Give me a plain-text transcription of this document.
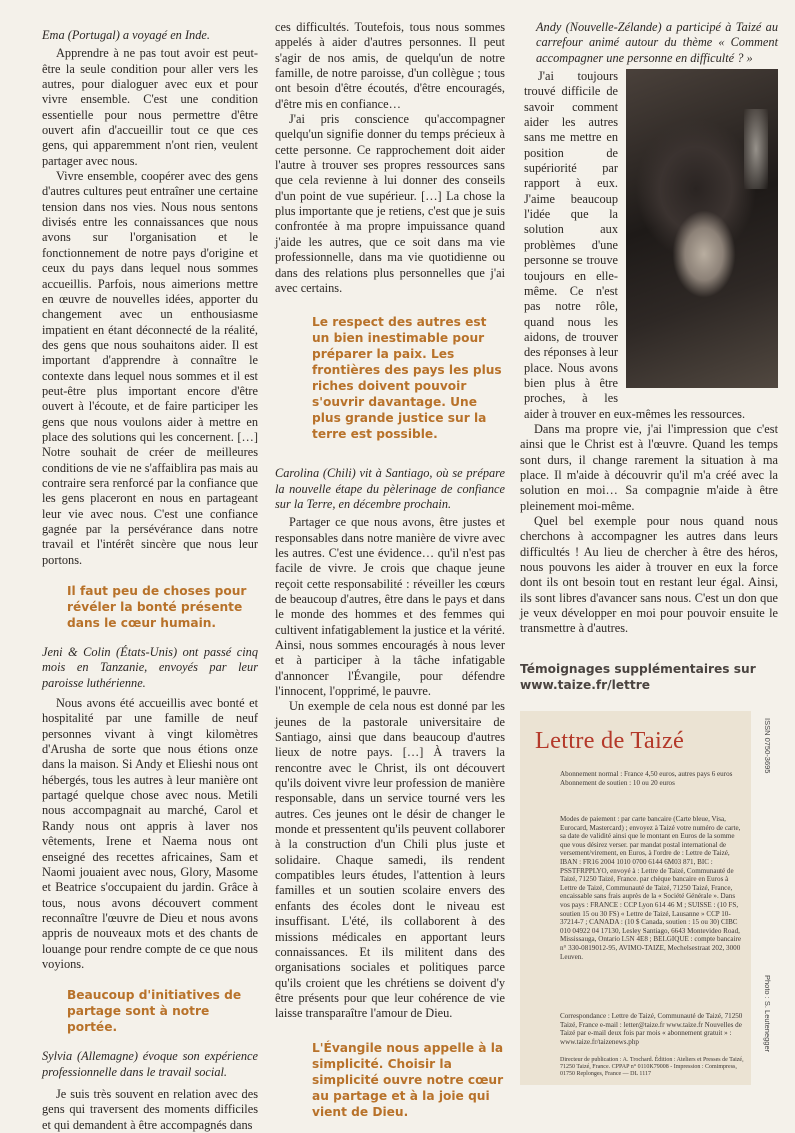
Ema (Portugal) a voyagé en Inde.

Apprendre à ne pas tout avoir est peut-être la seule condition pour aller vers les autres, pour dialoguer avec eux et pour vivre ensemble. C'est une condition essentielle pour nous permettre d'être ouvert afin d'accueillir tout ce que ces gens, qui apparemment n'ont rien, veulent partager avec nous.

Vivre ensemble, coopérer avec des gens d'autres cultures peut entraîner une certaine tension dans nos vies. Nous nous sentons divisés entre les connaissances que nous avons sur l'organisation et le fonctionnement de notre pays d'origine et ceux du pays dans lequel nous sommes accueillis. Parfois, nous aimerions mettre en œuvre de nouvelles idées, apporter du changement avec un enthousiasme impatient en étant déconnecté de la réalité, des gens que nous souhaitons aider. Il est important d'apprendre à connaître le contexte dans lequel nous sommes et il est peut-être plus important encore d'être ouvert à l'écoute, et de faire participer les gens que nous voulons aider à mettre en place des solutions qui les concernent. […] Notre souhait de créer de meilleures conditions de vie ne s'affaiblira pas mais au contraire sera renforcé par la confiance que les gens placeront en nous en partageant leur vie avec nous. C'est une confiance gagnée par la persévérance dans notre travail et l'intérêt sincère que nous leur portons.

Il faut peu de choses pour révéler la bonté présente dans le cœur humain.

Jeni & Colin (États-Unis) ont passé cinq mois en Tanzanie, envoyés par leur paroisse luthérienne.

Nous avons été accueillis avec bonté et hospitalité par une famille de neuf personnes vivant à vingt kilomètres d'Arusha de sorte que nous étions onze dans la maison. Si Andy et Elieshi nous ont hébergés, tous les autres à leur manière ont partagé quelque chose avec nous. Metili nous accompagnait au marché, Carol et Randy nous ont appris à laver nos vêtements, Irene et Naema nous ont enseigné des recettes africaines, Sam et Naomi jouaient avec nous, Glory, Masome et Beatrice s'occupaient du jardin. Grâce à tous, nous avons découvert comment reconnaître l'œuvre de Dieu et nous avons appris de nouveaux mots et des chants de louange pour rendre compte de ce que nous voyions.

Beaucoup d'initiatives de partage sont à notre portée.

Sylvia (Allemagne) évoque son expérience professionnelle dans le travail social.

Je suis très souvent en relation avec des gens qui traversent des moments difficiles et qui demandent à être accompagnés dans

ces difficultés. Toutefois, tous nous sommes appelés à aider d'autres personnes. Il peut s'agir de nos amis, de quelqu'un de notre famille, de notre paroisse, d'un collègue ; tous ont besoin d'être écoutés, d'être encouragés, d'être mis en confiance…

J'ai pris conscience qu'accompagner quelqu'un signifie donner du temps précieux à cette personne. Ce rapprochement doit aider l'autre à trouver ses propres ressources sans que cela revienne à lui donner des conseils d'un point de vue supérieur. […] La chose la plus importante que je retiens, c'est que je suis confrontée à ma propre impuissance quand j'aide les autres, que ce soit dans ma vie professionnelle, dans ma vie quotidienne ou dans des relations plus personnelles que j'ai avec certains.

Le respect des autres est un bien inestimable pour préparer la paix. Les frontières des pays les plus riches doivent pouvoir s'ouvrir davantage. Une plus grande justice sur la terre est possible.

Carolina (Chili) vit à Santiago, où se prépare la nouvelle étape du pèlerinage de confiance sur la Terre, en décembre prochain.

Partager ce que nous avons, être justes et responsables dans notre manière de vivre avec les autres. C'est une évidence… qu'il n'est pas facile de vivre. Je crois que chaque jeune reçoit cette responsabilité : réveiller les cœurs de beaucoup d'autres, être dans le pays et dans le monde des hommes et des femmes qui cultivent infatigablement la justice et la vérité. Ainsi, nous sommes encouragés à nous lever et à participer à la tâche infatigable d'annoncer l'Évangile, pour défendre l'innocent, l'opprimé, le pauvre.

Un exemple de cela nous est donné par les jeunes de la pastorale universitaire de Santiago, ainsi que dans beaucoup d'autres lieux de notre pays. […] À travers la rencontre avec le Christ, ils ont découvert qu'ils doivent vivre leur profession de manière responsable, dans un service tourné vers les autres. Ces jeunes ont le désir de changer le monde et pressentent qu'ils peuvent collaborer à la construction d'un Chili plus juste et solidaire. Chaque samedi, ils rendent compatibles leurs études, l'attention à leurs familles et un soutien scolaire envers des enfants des écoles dont le niveau est insuffisant. L'été, ils collaborent à des missions médicales en apportant leurs connaissances. Et ils militent dans des organisations sociales et politiques parce qu'ils croient que les chrétiens se doivent d'y être présents pour que leur cohérence de vie laisse transparaître l'amour de Dieu.

L'Évangile nous appelle à la simplicité. Choisir la simplicité ouvre notre cœur au partage et à la joie qui vient de Dieu.

Andy (Nouvelle-Zélande) a participé à Taizé au carrefour animé autour du thème « Comment accompagner une personne en difficulté ? »

J'ai toujours trouvé difficile de savoir comment aider les autres sans me mettre en position de supériorité par rapport à eux. J'aime beaucoup l'idée que la solution aux problèmes d'une personne se trouve toujours en elle-même. Ce n'est pas notre rôle, quand nous les aidons, de trouver des réponses à leur place. Nous avons bien plus à être proches, à les aider à trouver en eux-mêmes les ressources.

Dans ma propre vie, j'ai l'impression que c'est ainsi que le Christ est à l'œuvre. Quand les temps sont durs, il change rarement la situation à ma place. Il m'aide à découvrir qu'il m'a créé avec la solution en moi… Sa compagnie m'aide à être pleinement moi-même.

Quel bel exemple pour nous quand nous cherchons à accompagner les autres dans leurs difficultés ! Au lieu de chercher à être des héros, nous pouvons les aider à trouver en eux la force dont ils ont besoin tout en restant leur égal. Ainsi, ils sont libres d'avancer sans nous. C'est un don que je veux développer en moi pour pouvoir ensuite le transmettre à d'autres.

Témoignages supplémentaires sur
www.taize.fr/lettre
Lettre de Taizé
Abonnement normal : France 4,50 euros, autres pays 6 euros Abonnement de soutien : 10 ou 20 euros
Modes de paiement : par carte bancaire (Carte bleue, Visa, Eurocard, Mastercard) ; envoyez à Taizé votre numéro de carte, sa date de validité ainsi que le montant en Euros de la somme que vous désirez verser. par mandat postal international de versement/virement, en Euros, à l'ordre de : Lettre de Taizé, IBAN : FR16 2004 1010 0700 6144 6M03 871, BIC : PSSTFRPPLYO, envoyé à : Lettre de Taizé, Communauté de Taizé, 71250 Taizé, France. par chèque bancaire en Euros à Lettre de Taizé, Communauté de Taizé, 71250 Taizé, France, encaissable sans frais auprès de la « Société Générale ». Dans vos pays : FRANCE : CCP Lyon 614 46 M ; SUISSE : (10 FS, soutien 15 ou 30 FS) « Lettre de Taizé, Lausanne » CCP 10-37214-7 ; CANADA : (10 $ Canada, soutien : 15 ou 30) CIBC 010 04922 04 17130, Lesley Santiago, 6643 Montevideo Road, Mississauga, Ontario L5N 4E8 ; BELGIQUE : compte bancaire n° 330-0819012-95, AVIMO-TAIZE, Mechelsestraat 202, 3000 Leuven.
Correspondance : Lettre de Taizé, Communauté de Taizé, 71250 Taizé, France e-mail : letter@taize.fr www.taize.fr Nouvelles de Taizé par e-mail deux fois par mois « abonnement gratuit » : www.taize.fr/taizenews.php
Directeur de publication : A. Trochard. Édition : Ateliers et Presses de Taizé, 71250 Taizé, France. CPPAP n° 0110K79008 - Impression : Comimpress, 01750 Replonges, France — DL 1117
ISSN 0750-3695
Photo : S. Leutenegger
